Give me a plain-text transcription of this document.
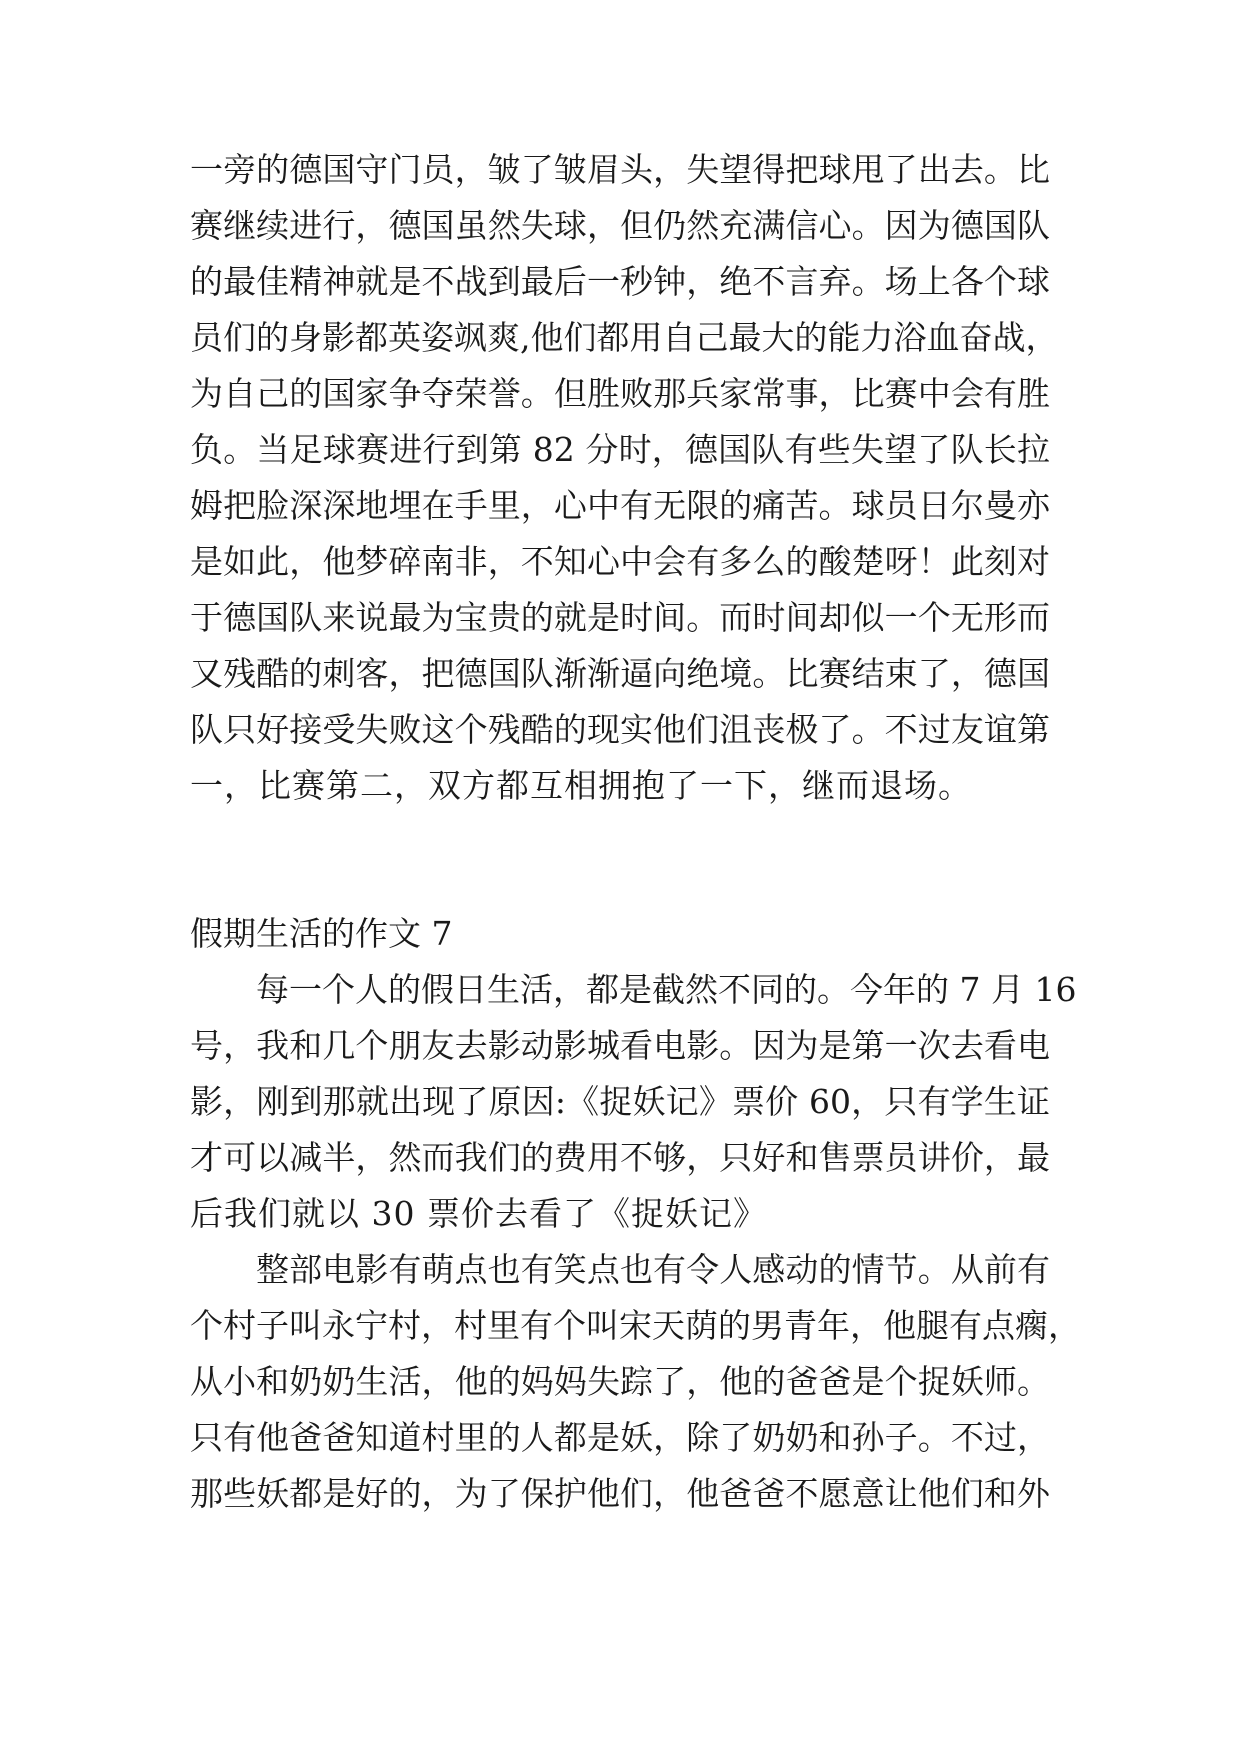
一旁的德国守门员，皱了皱眉头，失望得把球甩了出去。比
赛继续进行，德国虽然失球，但仍然充满信心。因为德国队
的最佳精神就是不战到最后一秒钟，绝不言弃。场上各个球
员们的身影都英姿飒爽,他们都用自己最大的能力浴血奋战，
为自己的国家争夺荣誉。但胜败那兵家常事，比赛中会有胜
负。当足球赛进行到第 82 分时，德国队有些失望了队长拉
姆把脸深深地埋在手里，心中有无限的痛苦。球员日尔曼亦
是如此，他梦碎南非，不知心中会有多么的酸楚呀！此刻对
于德国队来说最为宝贵的就是时间。而时间却似一个无形而
又残酷的刺客，把德国队渐渐逼向绝境。比赛结束了，德国
队只好接受失败这个残酷的现实他们沮丧极了。不过友谊第
一，比赛第二，双方都互相拥抱了一下，继而退场。
假期生活的作文 7
每一个人的假日生活，都是截然不同的。今年的 7 月 16
号，我和几个朋友去影动影城看电影。因为是第一次去看电
影，刚到那就出现了原因:《捉妖记》票价 60，只有学生证
才可以减半，然而我们的费用不够，只好和售票员讲价，最
后我们就以 30 票价去看了《捉妖记》
整部电影有萌点也有笑点也有令人感动的情节。从前有
个村子叫永宁村，村里有个叫宋天荫的男青年，他腿有点瘸，
从小和奶奶生活，他的妈妈失踪了，他的爸爸是个捉妖师。
只有他爸爸知道村里的人都是妖，除了奶奶和孙子。不过，
那些妖都是好的，为了保护他们，他爸爸不愿意让他们和外
